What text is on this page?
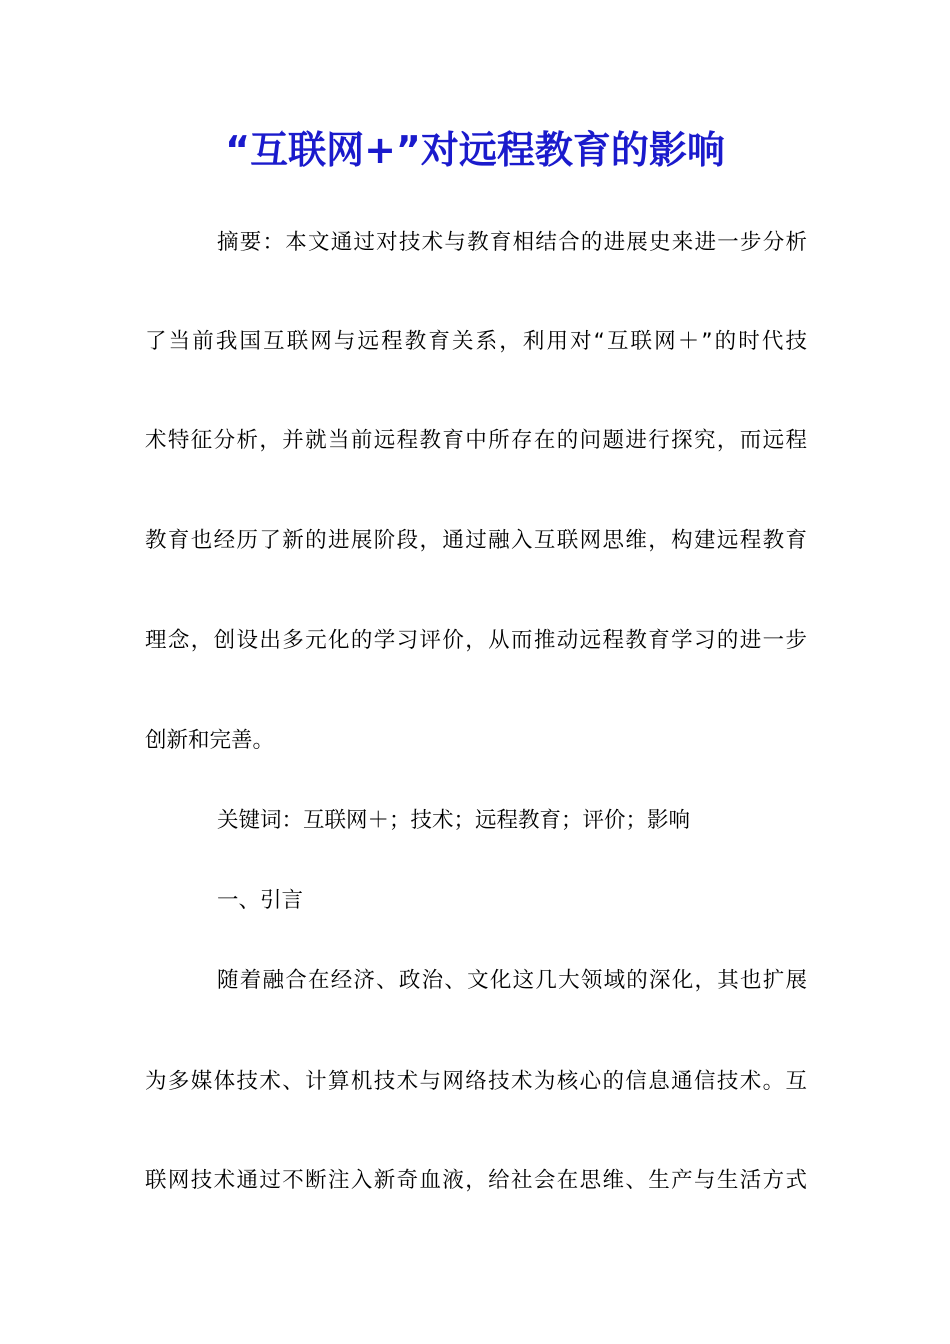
“互联网+”对远程教育的影响

摘要：本文通过对技术与教育相结合的进展史来进一步分析

了当前我国互联网与远程教育关系，利用对“互联网＋”的时代技

术特征分析，并就当前远程教育中所存在的问题进行探究，而远程

教育也经历了新的进展阶段，通过融入互联网思维，构建远程教育

理念，创设出多元化的学习评价，从而推动远程教育学习的进一步

创新和完善。

关键词：互联网＋；技术；远程教育；评价；影响

一、引言

随着融合在经济、政治、文化这几大领域的深化，其也扩展

为多媒体技术、计算机技术与网络技术为核心的信息通信技术。互

联网技术通过不断注入新奇血液，给社会在思维、生产与生活方式
